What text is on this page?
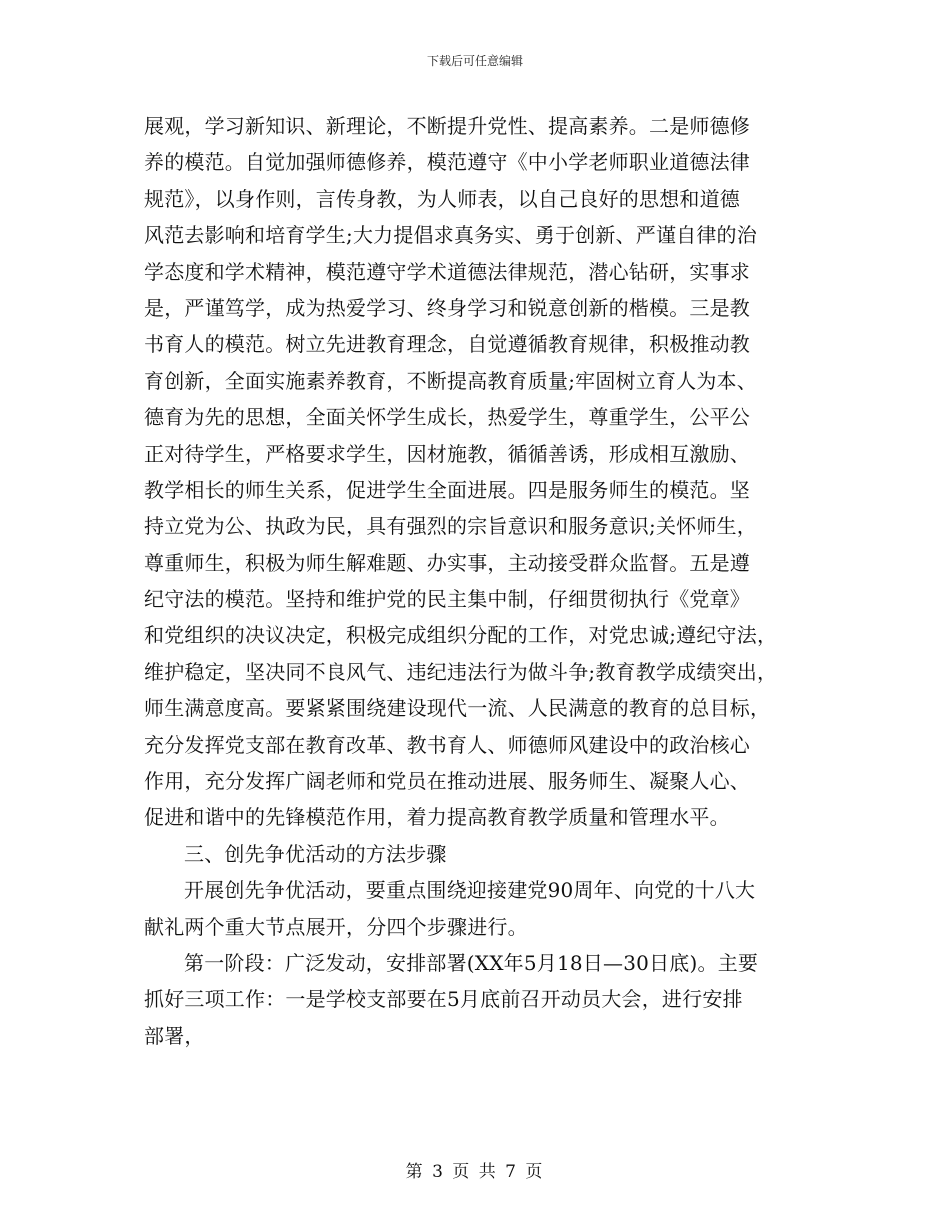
下载后可任意编辑
展观，学习新知识、新理论，不断提升党性、提高素养。二是师德修
养的模范。自觉加强师德修养，模范遵守《中小学老师职业道德法律
规范》，以身作则，言传身教，为人师表，以自己良好的思想和道德
风范去影响和培育学生;大力提倡求真务实、勇于创新、严谨自律的治
学态度和学术精神，模范遵守学术道德法律规范，潜心钻研，实事求
是，严谨笃学，成为热爱学习、终身学习和锐意创新的楷模。三是教
书育人的模范。树立先进教育理念，自觉遵循教育规律，积极推动教
育创新，全面实施素养教育，不断提高教育质量;牢固树立育人为本、
德育为先的思想，全面关怀学生成长，热爱学生，尊重学生，公平公
正对待学生，严格要求学生，因材施教，循循善诱，形成相互激励、
教学相长的师生关系，促进学生全面进展。四是服务师生的模范。坚
持立党为公、执政为民，具有强烈的宗旨意识和服务意识;关怀师生，
尊重师生，积极为师生解难题、办实事，主动接受群众监督。五是遵
纪守法的模范。坚持和维护党的民主集中制，仔细贯彻执行《党章》
和党组织的决议决定，积极完成组织分配的工作，对党忠诚;遵纪守法，
维护稳定，坚决同不良风气、违纪违法行为做斗争;教育教学成绩突出，
师生满意度高。要紧紧围绕建设现代一流、人民满意的教育的总目标，
充分发挥党支部在教育改革、教书育人、师德师风建设中的政治核心
作用，充分发挥广阔老师和党员在推动进展、服务师生、凝聚人心、
促进和谐中的先锋模范作用，着力提高教育教学质量和管理水平。
三、创先争优活动的方法步骤
开展创先争优活动，要重点围绕迎接建党90周年、向党的十八大
献礼两个重大节点展开，分四个步骤进行。
第一阶段：广泛发动，安排部署(XX年5月18日—30日底)。主要
抓好三项工作：一是学校支部要在5月底前召开动员大会，进行安排
部署，
第 3 页 共 7 页
